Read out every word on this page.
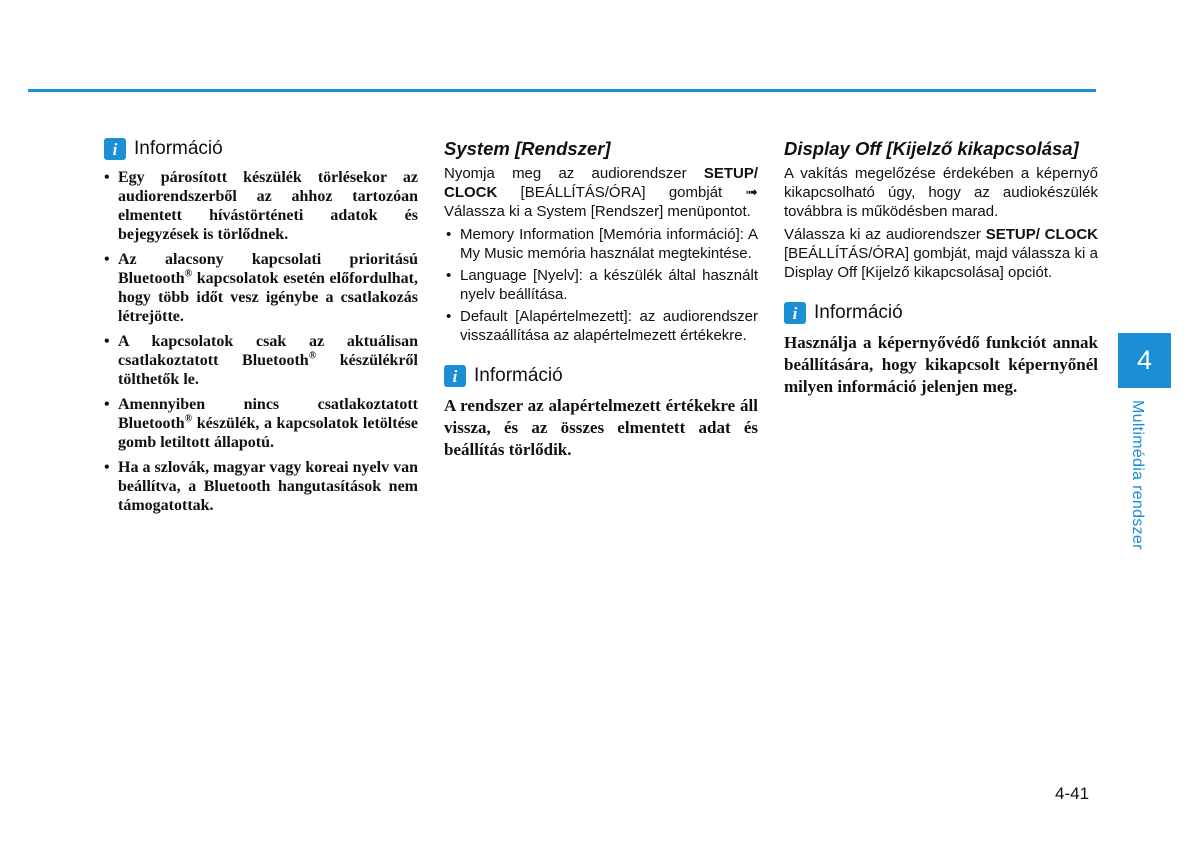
i Információ
• Egy párosított készülék törlésekor az audiorendszerből az ahhoz tartozóan elmentett hívástörténeti adatok és bejegyzések is törlődnek.
• Az alacsony kapcsolati prioritású Bluetooth® kapcsolatok esetén előfordulhat, hogy több időt vesz igénybe a csatlakozás létrejötte.
• A kapcsolatok csak az aktuálisan csatlakoztatott Bluetooth® készülékről tölthetők le.
• Amennyiben nincs csatlakoztatott Bluetooth® készülék, a kapcsolatok letöltése gomb letiltott állapotú.
• Ha a szlovák, magyar vagy koreai nyelv van beállítva, a Bluetooth hangutasítások nem támogatottak.
System [Rendszer]

Nyomja meg az audiorendszer SETUP/ CLOCK [BEÁLLÍTÁS/ÓRA] gombját ➟ Válassza ki a System [Rendszer] menüpontot.

• Memory Information [Memória információ]: A My Music memória használat megtekintése.
• Language [Nyelv]: a készülék által használt nyelv beállítása.
• Default [Alapértelmezett]: az audiorendszer visszaállítása az alapértelmezett értékekre.
i Információ

A rendszer az alapértelmezett értékekre áll vissza, és az összes elmentett adat és beállítás törlődik.

Display Off [Kijelző kikapcsolása]

A vakítás megelőzése érdekében a képernyő kikapcsolható úgy, hogy az audiokészülék továbbra is működésben marad.

Válassza ki az audiorendszer SETUP/ CLOCK [BEÁLLÍTÁS/ÓRA] gombját, majd válassza ki a Display Off [Kijelző kikapcsolása] opciót.

i Információ

Használja a képernyővédő funkciót annak beállítására, hogy kikapcsolt képernyőnél milyen információ jelenjen meg.

4
Multimédia rendszer
4-41
